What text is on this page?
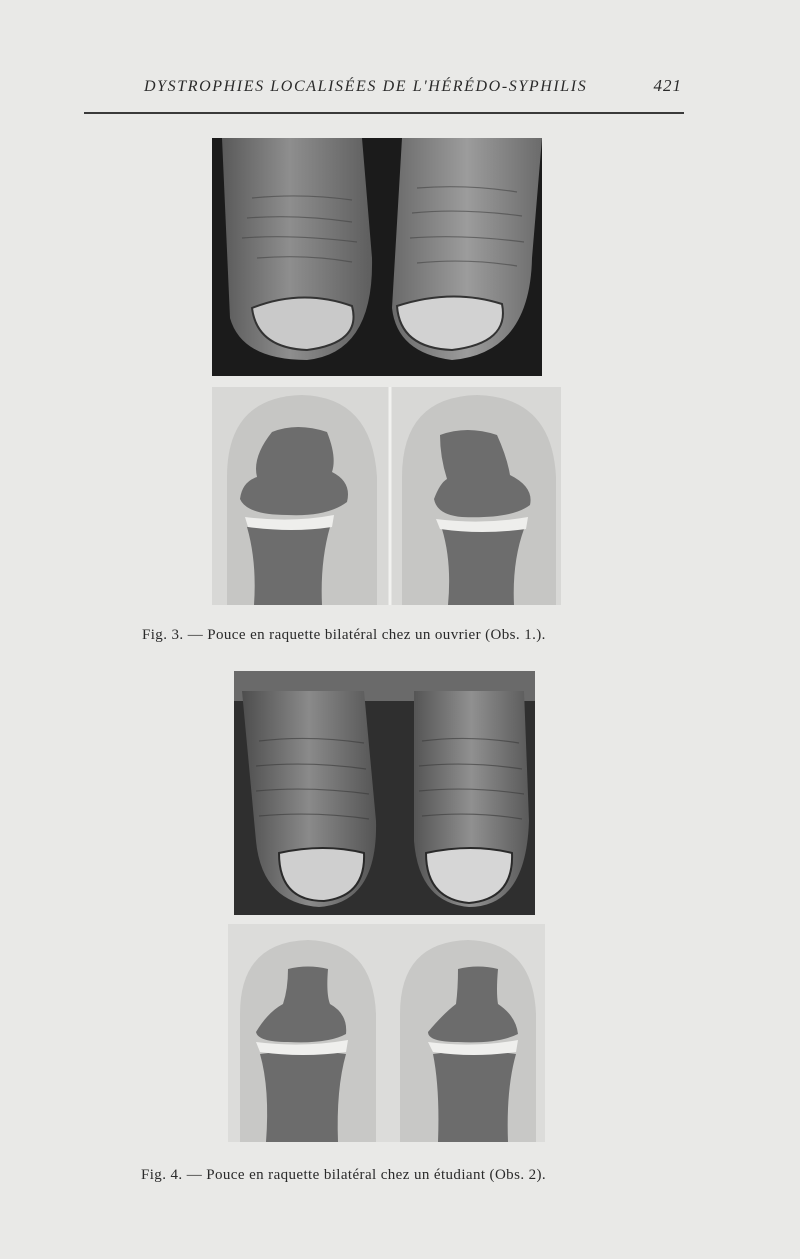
DYSTROPHIES LOCALISÉES DE L'HÉRÉDO-SYPHILIS	421
Fig. 3. — Pouce en raquette bilatéral chez un ouvrier (Obs. 1.).
Fig. 4. — Pouce en raquette bilatéral chez un étudiant (Obs. 2).
